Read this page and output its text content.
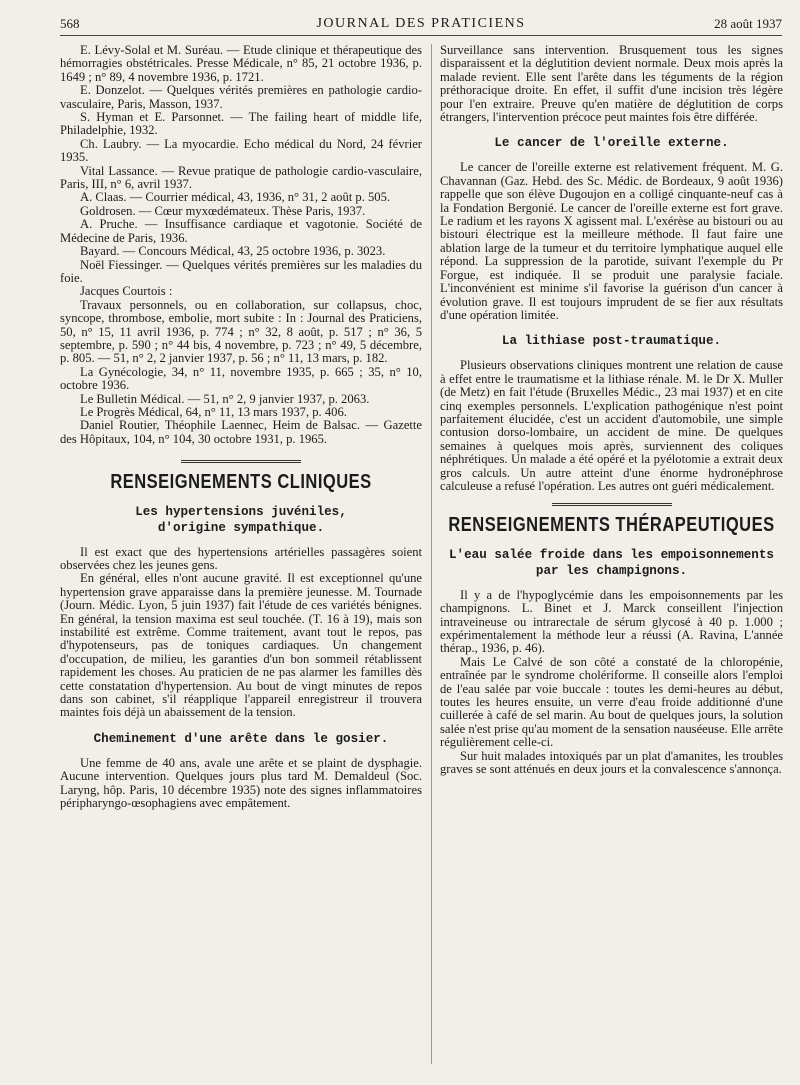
568	JOURNAL DES PRATICIENS	28 août 1937

E. Lévy-Solal et M. Suréau. — Etude clinique et thérapeutique des hémorragies obstétricales. Presse Médicale, n° 85, 21 octobre 1936, p. 1649 ; n° 89, 4 novembre 1936, p. 1721.

E. Donzelot. — Quelques vérités premières en pathologie cardio-vasculaire, Paris, Masson, 1937.

S. Hyman et E. Parsonnet. — The failing heart of middle life, Philadelphie, 1932.

Ch. Laubry. — La myocardie. Echo médical du Nord, 24 février 1935.

Vital Lassance. — Revue pratique de pathologie cardio-vasculaire, Paris, III, n° 6, avril 1937.

A. Claas. — Courrier médical, 43, 1936, n° 31, 2 août p. 505.

Goldrosen. — Cœur myxœdémateux. Thèse Paris, 1937.

A. Pruche. — Insuffisance cardiaque et vagotonie. Société de Médecine de Paris, 1936.

Bayard. — Concours Médical, 43, 25 octobre 1936, p. 3023.

Noël Fiessinger. — Quelques vérités premières sur les maladies du foie.

Jacques Courtois :

Travaux personnels, ou en collaboration, sur collapsus, choc, syncope, thrombose, embolie, mort subite : In : Journal des Praticiens, 50, n° 15, 11 avril 1936, p. 774 ; n° 32, 8 août, p. 517 ; n° 36, 5 septembre, p. 590 ; n° 44 bis, 4 novembre, p. 723 ; n° 49, 5 décembre, p. 805. — 51, n° 2, 2 janvier 1937, p. 56 ; n° 11, 13 mars, p. 182.

La Gynécologie, 34, n° 11, novembre 1935, p. 665 ; 35, n° 10, octobre 1936.

Le Bulletin Médical. — 51, n° 2, 9 janvier 1937, p. 2063.

Le Progrès Médical, 64, n° 11, 13 mars 1937, p. 406.

Daniel Routier, Théophile Laennec, Heim de Balsac. — Gazette des Hôpitaux, 104, n° 104, 30 octobre 1931, p. 1965.

RENSEIGNEMENTS CLINIQUES
Les hypertensions juvéniles,
d'origine sympathique.

Il est exact que des hypertensions artérielles passagères soient observées chez les jeunes gens.

En général, elles n'ont aucune gravité. Il est exceptionnel qu'une hypertension grave apparaisse dans la première jeunesse. M. Tournade (Journ. Médic. Lyon, 5 juin 1937) fait l'étude de ces variétés bénignes. En général, la tension maxima est seul touchée. (T. 16 à 19), mais son instabilité est extrême. Comme traitement, avant tout le repos, pas d'hypotenseurs, pas de toniques cardiaques. Un changement d'occupation, de milieu, les garanties d'un bon sommeil rétablissent rapidement les choses. Au praticien de ne pas alarmer les familles dès cette constatation d'hypertension. Au bout de vingt minutes de repos dans son cabinet, s'il réapplique l'appareil enregistreur il trouvera maintes fois déjà un abaissement de la tension.

Cheminement d'une arête dans le gosier.

Une femme de 40 ans, avale une arête et se plaint de dysphagie. Aucune intervention. Quelques jours plus tard M. Demaldeul (Soc. Laryng, hôp. Paris, 10 décembre 1935) note des signes inflammatoires péripharyngo-œsophagiens avec empâtement.

Surveillance sans intervention. Brusquement tous les signes disparaissent et la déglutition devient normale. Deux mois après la malade revient. Elle sent l'arête dans les téguments de la région préthoracique droite. En effet, il suffit d'une incision très légère pour l'en extraire. Preuve qu'en matière de déglutition de corps étrangers, l'intervention précoce peut maintes fois être différée.

Le cancer de l'oreille externe.

Le cancer de l'oreille externe est relativement fréquent. M. G. Chavannan (Gaz. Hebd. des Sc. Médic. de Bordeaux, 9 août 1936) rappelle que son élève Dugoujon en a colligé cinquante-neuf cas à la Fondation Bergonié. Le cancer de l'oreille externe est fort grave. Le radium et les rayons X agissent mal. L'exérèse au bistouri ou au bistouri électrique est la meilleure méthode. Il faut faire une ablation large de la tumeur et du territoire lymphatique auquel elle répond. La suppression de la parotide, suivant l'exemple du Pr Forgue, est indiquée. Il se produit une paralysie faciale. L'inconvénient est minime s'il favorise la guérison d'un cancer à évolution grave. Il est toujours imprudent de se fier aux résultats d'une opération limitée.

La lithiase post-traumatique.

Plusieurs observations cliniques montrent une relation de cause à effet entre le traumatisme et la lithiase rénale. M. le Dr X. Muller (de Metz) en fait l'étude (Bruxelles Médic., 23 mai 1937) et en cite cinq exemples personnels. L'explication pathogénique n'est point parfaitement élucidée, c'est un accident d'automobile, une simple contusion dorso-lombaire, un accident de mine. De quelques semaines à quelques mois après, surviennent des coliques néphrétiques. Un malade a été opéré et la pyélotomie a extrait deux gros calculs. Un autre atteint d'une énorme hydronéphrose calculeuse a refusé l'opération. Les autres ont guéri médicalement.

RENSEIGNEMENTS THÉRAPEUTIQUES
L'eau salée froide dans les empoisonnements
par les champignons.

Il y a de l'hypoglycémie dans les empoisonnements par les champignons. L. Binet et J. Marck conseillent l'injection intraveineuse ou intrarectale de sérum glycosé à 40 p. 1.000 ; expérimentalement la méthode leur a réussi (A. Ravina, L'année thérap., 1936, p. 46).

Mais Le Calvé de son côté a constaté de la chloropénie, entraînée par le syndrome cholériforme. Il conseille alors l'emploi de l'eau salée par voie buccale : toutes les demi-heures au début, toutes les heures ensuite, un verre d'eau froide additionné d'une cuillerée à café de sel marin. Au bout de quelques jours, la solution salée n'est prise qu'au moment de la sensation nauséeuse. Elle arrête régulièrement celle-ci.

Sur huit malades intoxiqués par un plat d'amanites, les troubles graves se sont atténués en deux jours et la convalescence s'annonça.
